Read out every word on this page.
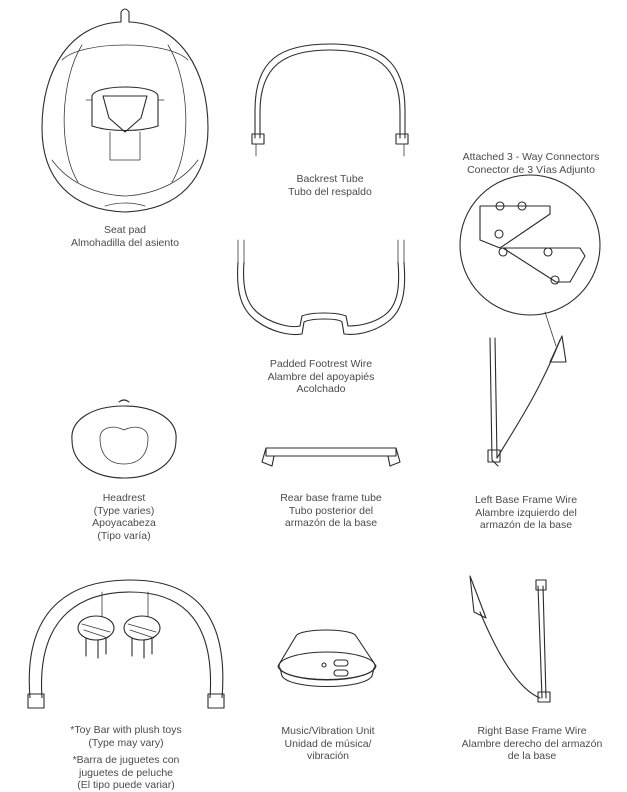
Seat pad
Almohadilla del asiento
Backrest Tube
Tubo del respaldo
Attached 3 - Way Connectors
Conector de 3 Vías Adjunto
Padded Footrest Wire
Alambre del apoyapiés
Acolchado
Headrest
(Type varies)
Apoyacabeza
(Tipo varía)
Rear base frame tube
Tubo posterior del
armazón de la base
Left Base Frame Wire
Alambre izquierdo del
armazón de la base
*Toy Bar with plush toys
(Type may vary)
*Barra de juguetes con
juguetes de peluche
(El tipo puede variar)
Music/Vibration Unit
Unidad de música/
vibración
Right Base Frame Wire
Alambre derecho del armazón
de la base
